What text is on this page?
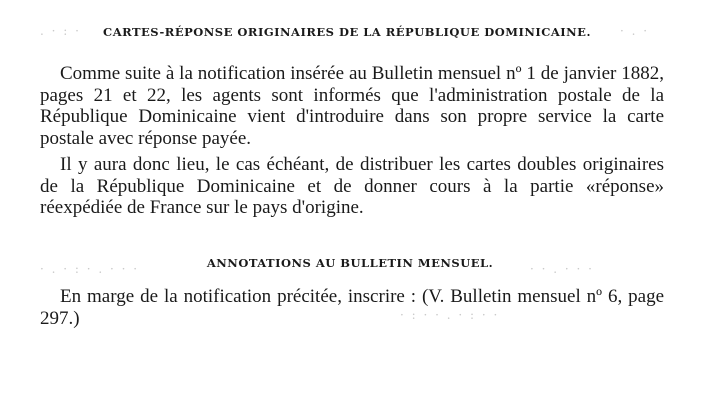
. · : ·	· . ·
· . · : · . · · ·	· · . · · ·
· : · · . · : · ·
CARTES-RÉPONSE ORIGINAIRES DE LA RÉPUBLIQUE DOMINICAINE.
Comme suite à la notification insérée au Bulletin mensuel nº 1 de janvier 1882, pages 21 et 22, les agents sont informés que l'administration postale de la République Dominicaine vient d'introduire dans son propre service la carte postale avec réponse payée.
Il y aura donc lieu, le cas échéant, de distribuer les cartes doubles originaires de la République Dominicaine et de donner cours à la partie «réponse» réexpédiée de France sur le pays d'origine.
ANNOTATIONS AU BULLETIN MENSUEL.
En marge de la notification précitée, inscrire : (V. Bulletin mensuel nº 6, page 297.)
